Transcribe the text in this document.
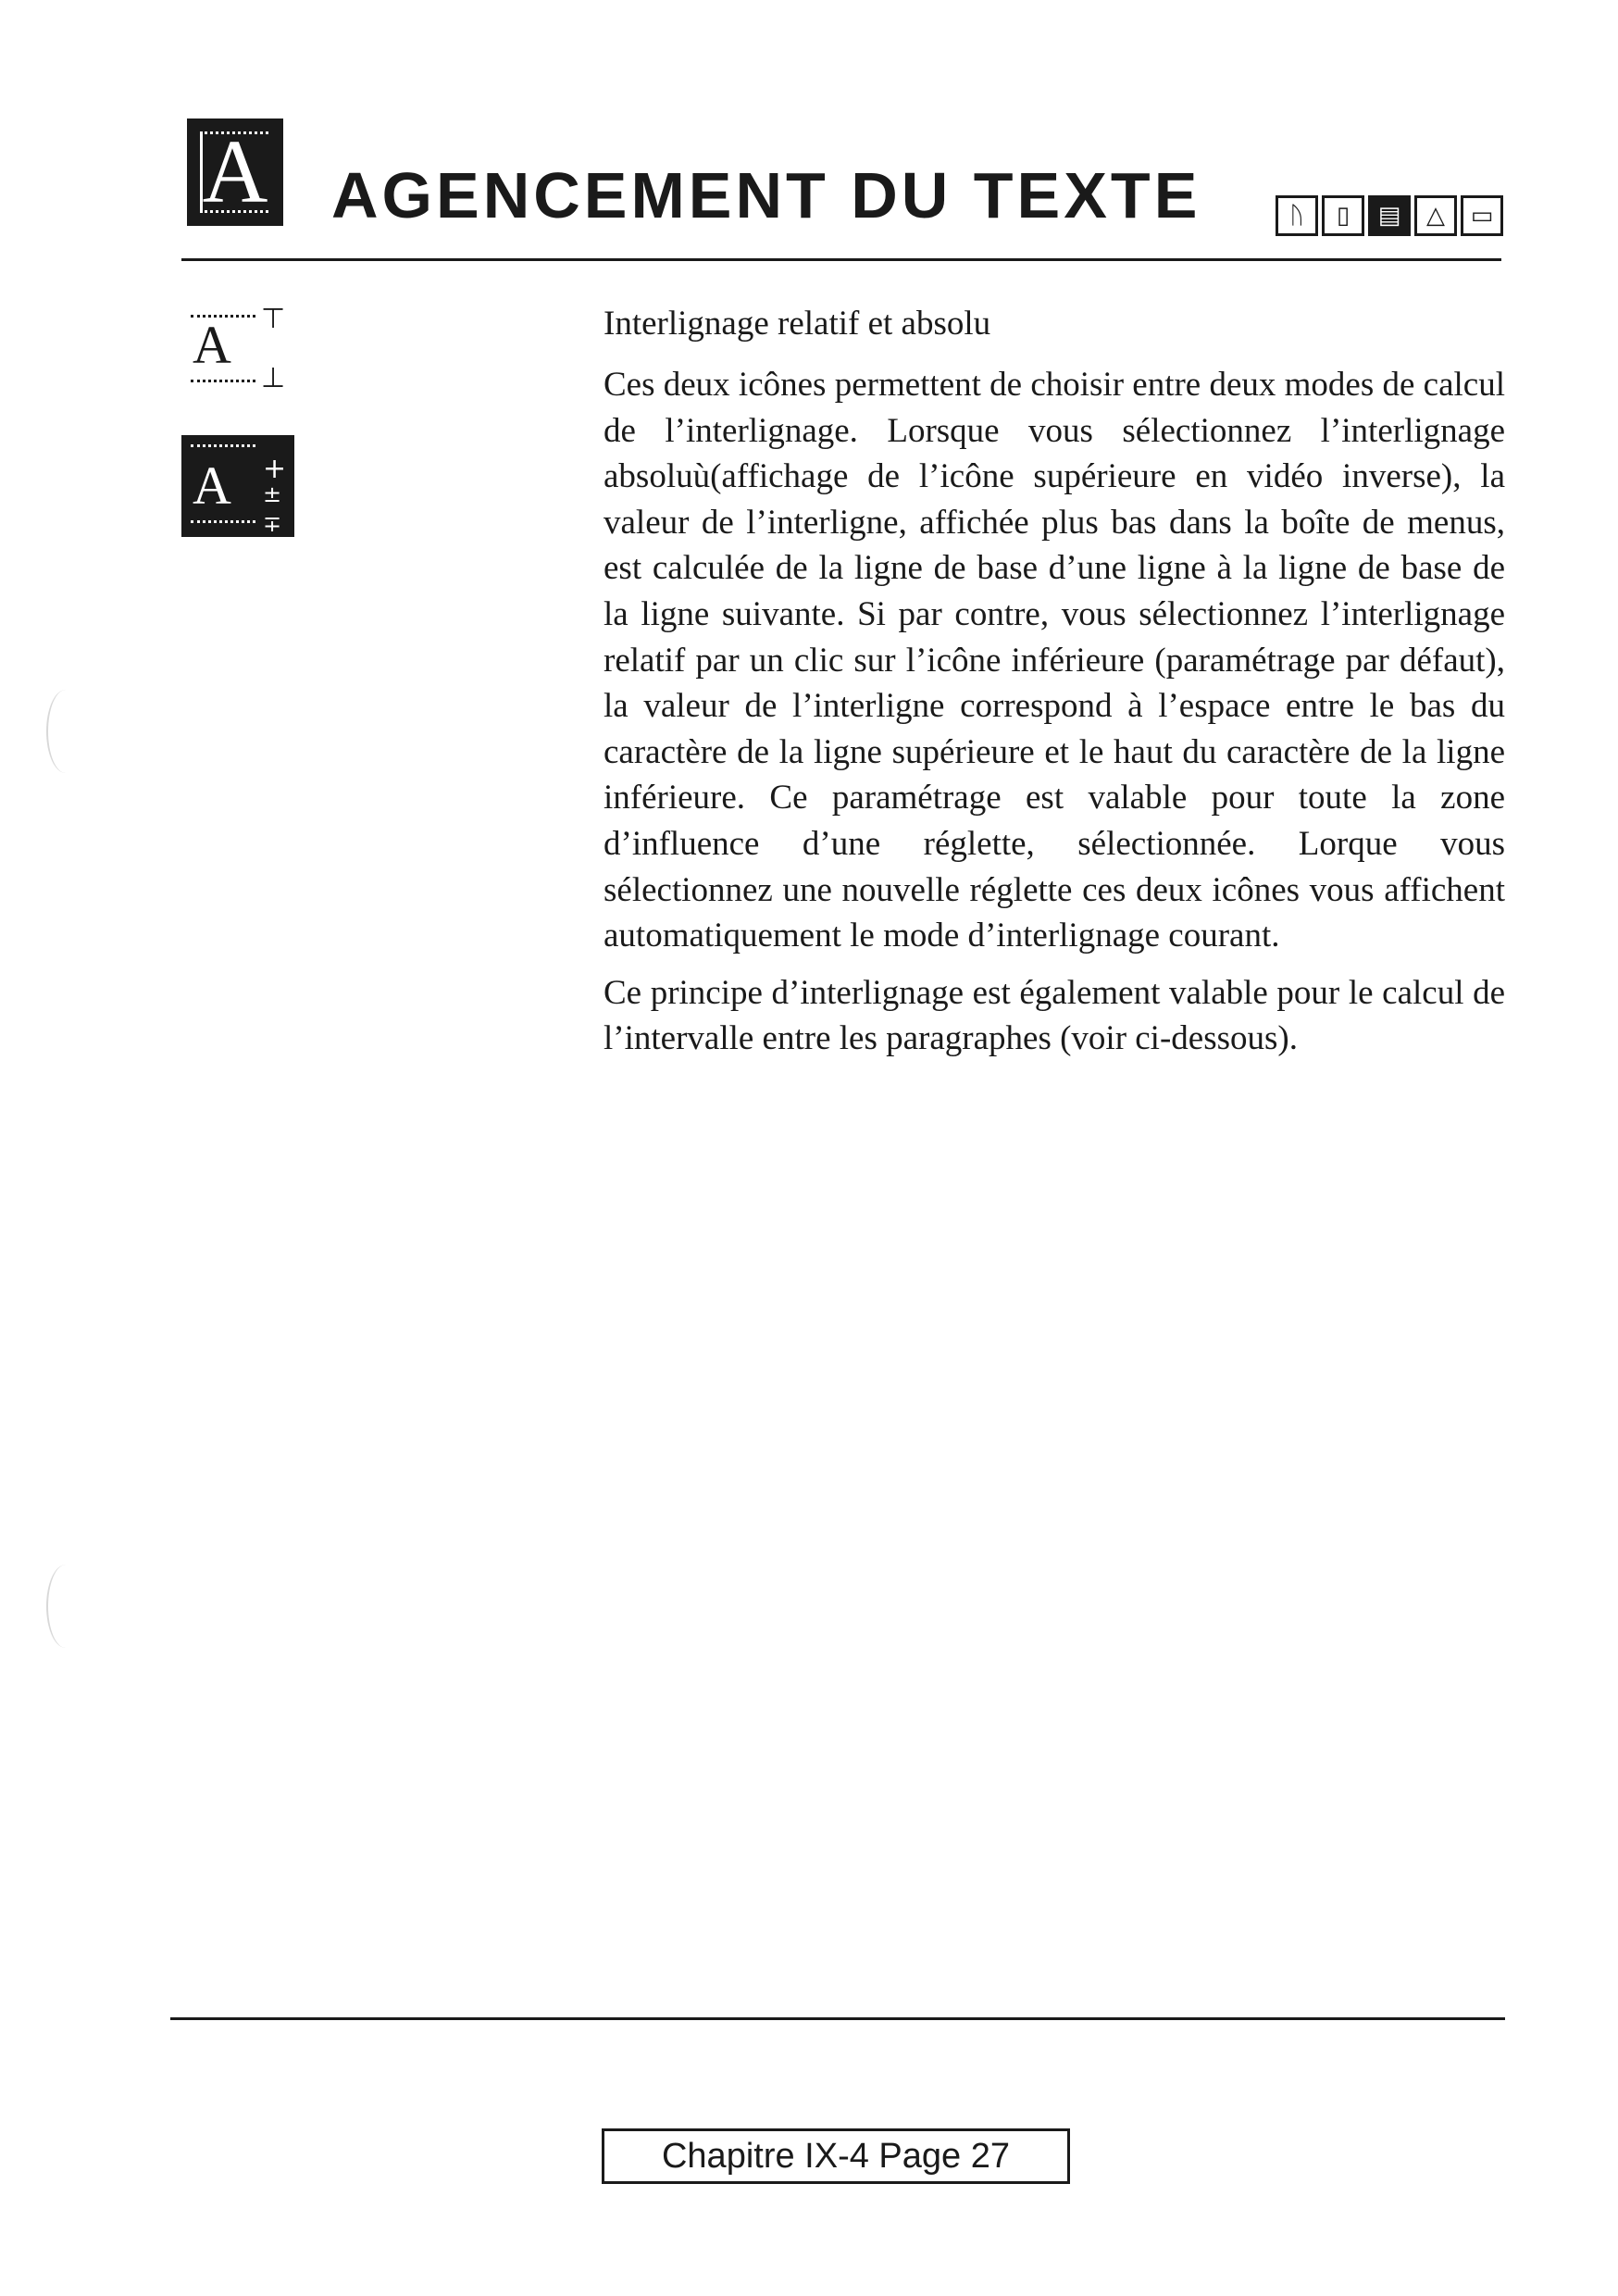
A AGENCEMENT DU TEXTE	ᚢ	▯	▤	△	▭
A ⊤
⊥
A +
±
∓
Interlignage relatif et absolu

Ces deux icônes permettent de choisir entre deux modes de calcul de l’interlignage. Lorsque vous sélectionnez l’interlignage absoluù(affichage de l’icône supérieure en vidéo inverse), la valeur de l’interligne, affichée plus bas dans la boîte de menus, est calculée de la ligne de base d’une ligne à la ligne de base de la ligne suivante. Si par contre, vous sélectionnez l’interlignage relatif par un clic sur l’icône inférieure (paramétrage par défaut), la valeur de l’interligne correspond à l’espace entre le bas du caractère de la ligne supérieure et le haut du caractère de la ligne inférieure. Ce paramétrage est valable pour toute la zone d’influence d’une réglette, sélectionnée. Lorque vous sélectionnez une nouvelle réglette ces deux icônes vous affichent automatiquement le mode d’interlignage courant.

Ce principe d’interlignage est également valable pour le calcul de l’intervalle entre les paragraphes (voir ci-dessous).

Chapitre IX-4 Page 27
